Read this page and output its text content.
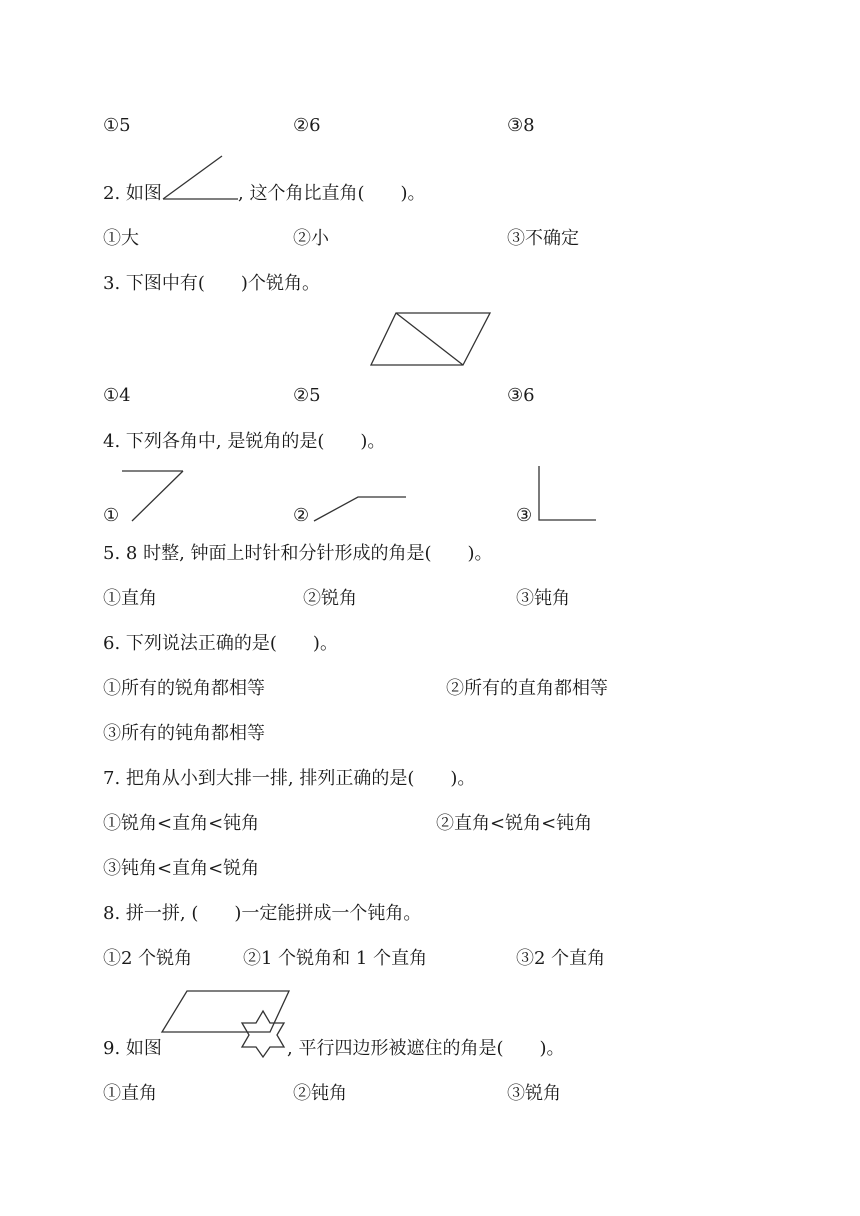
①5	②6	③8
2. 如图	, 这个角比直角(　　)。
①大	②小	③不确定
3. 下图中有(　　)个锐角。
①4	②5	③6
4. 下列各角中, 是锐角的是(　　)。
①	②	③
5. 8 时整, 钟面上时针和分针形成的角是(　　)。
①直角	②锐角	③钝角
6. 下列说法正确的是(　　)。
①所有的锐角都相等	②所有的直角都相等
③所有的钝角都相等
7. 把角从小到大排一排, 排列正确的是(　　)。
①锐角<直角<钝角	②直角<锐角<钝角
③钝角<直角<锐角
8. 拼一拼, (　　)一定能拼成一个钝角。
①2 个锐角	②1 个锐角和 1 个直角	③2 个直角
9. 如图	, 平行四边形被遮住的角是(　　)。
①直角	②钝角	③锐角
